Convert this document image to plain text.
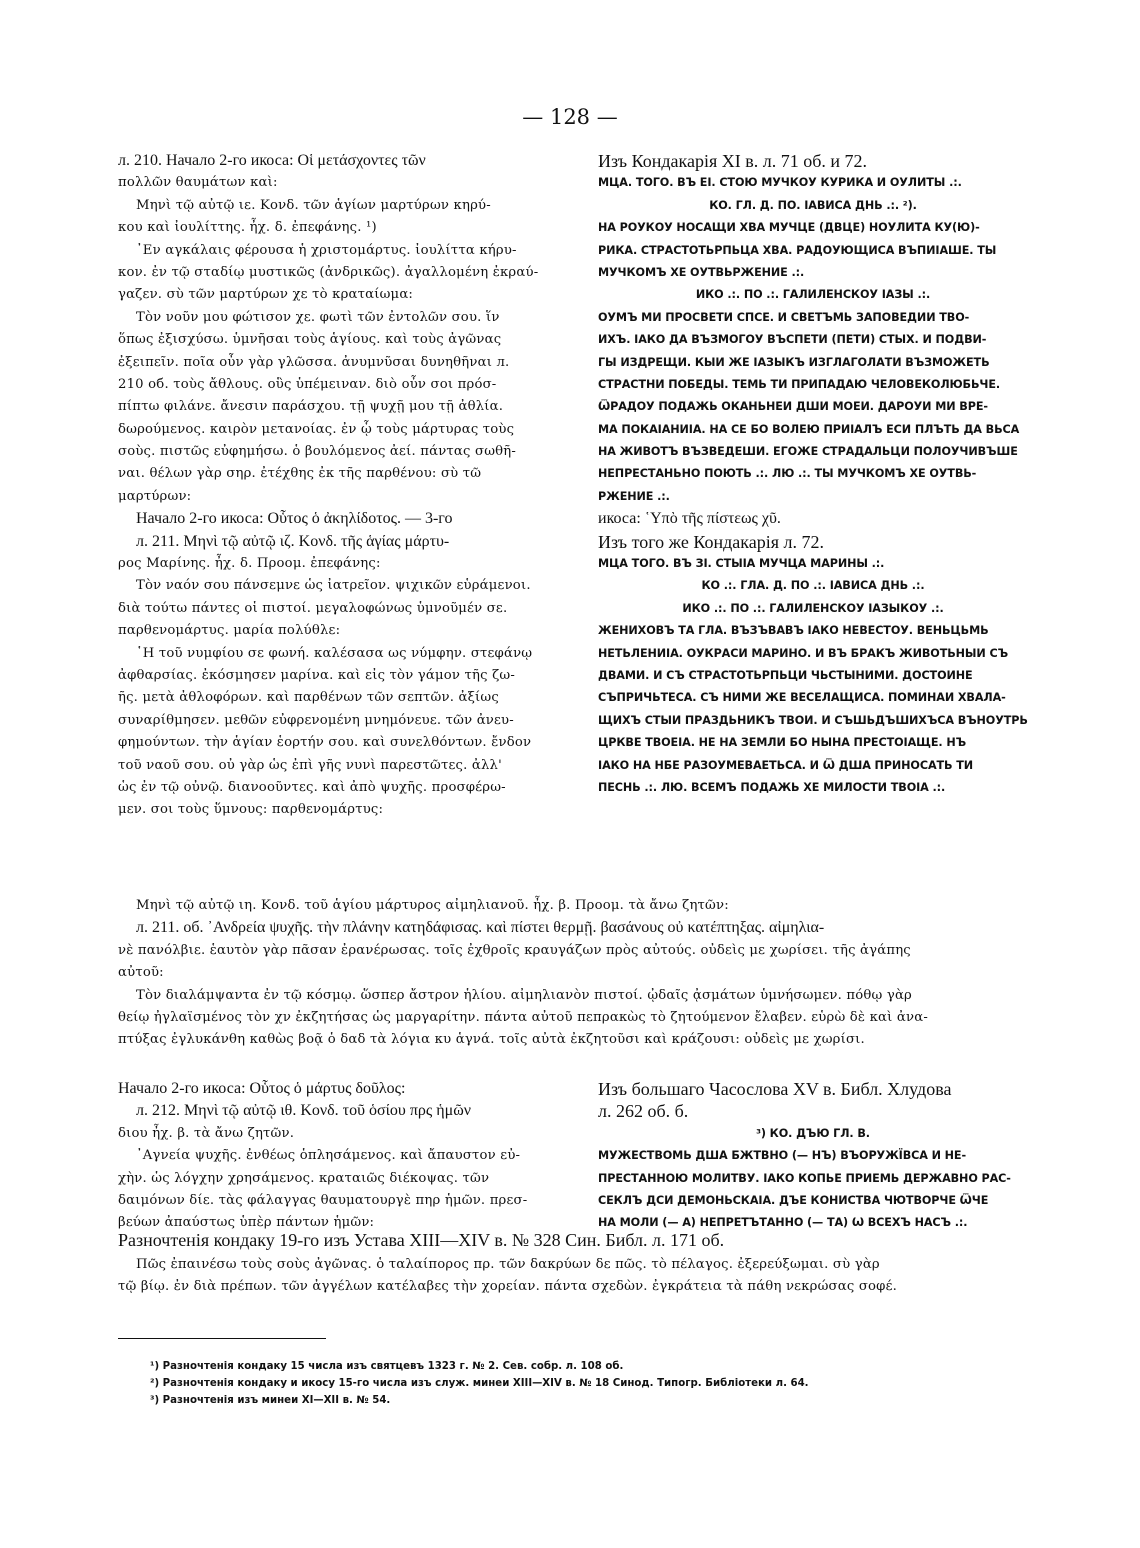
— 128 —
л. 210. Начало 2-го икоса: Οἱ μετάσχοντες τῶν
πολλῶν θαυμάτων καὶ:
Μηνὶ τῷ αὐτῷ ιε. Κονδ. τῶν ἁγίων μαρτύρων κηρύ-
κου καὶ ἰουλίττης. ἦχ. δ. ἐπεφάνης. ¹)
᾿Εν αγκάλαις φέρουσα ἡ χριστομάρτυς. ἰουλίττα κήρυ-
κον. ἐν τῷ σταδίῳ μυστικῶς (ἀνδρικῶς). ἀγαλλομένη ἐκραύ-
γαζεν. σὺ τῶν μαρτύρων χε τὸ κραταίωμα:
Τὸν νοῦν μου φώτισον χε. φωτὶ τῶν ἐντολῶν σου. ἵν
ὅπως ἐξισχύσω. ὑμνῆσαι τοὺς ἁγίους. καὶ τοὺς ἀγῶνας
ἐξειπεῖν. ποῖα οὖν γὰρ γλῶσσα. ἀνυμνῦσαι δυνηθῆναι л.
210 об. τοὺς ἄθλους. οὓς ὑπέμειναν. διὸ οὖν σοι πρόσ-
πίπτω φιλάνε. ἄνεσιν παράσχου. τῇ ψυχῇ μου τῇ ἀθλία.
δωρούμενος. καιρὸν μετανοίας. ἐν ᾧ τοὺς μάρτυρας τοὺς
σοὺς. πιστῶς εὐφημήσω. ὁ βουλόμενος ἀεί. πάντας σωθῆ-
ναι. θέλων γὰρ σηρ. ἐτέχθης ἐκ τῆς παρθένου: σὺ τῶ
μαρτύρων:
Начало 2-го икоса: Οὗτος ὁ ἀκηλίδοτος. — 3-го
л. 211. Μηνὶ τῷ αὐτῷ ιζ. Κονδ. τῆς ἁγίας μάρτυ-
ρος Μαρίνης. ἦχ. δ. Προομ. ἐπεφάνης:
Τὸν ναόν σου πάνσεμνε ὡς ἰατρεῖον. ψιχικῶν εὑράμενοι.
διὰ τούτω πάντες οἱ πιστοί. μεγαλοφώνως ὑμνοῦμέν σε.
παρθενομάρτυς. μαρία πολύθλε:
῾Η τοῦ νυμφίου σε φωνή. καλέσασα ως νύμφην. στεφάνῳ
ἀφθαρσίας. ἐκόσμησεν μαρίνα. καὶ εἰς τὸν γάμον τῆς ζω-
ῆς. μετὰ ἀθλοφόρων. καὶ παρθένων τῶν σεπτῶν. ἀξίως
συναρίθμησεν. μεθῶν εὐφρενομένη μνημόνευε. τῶν ἀνευ-
φημούντων. τὴν ἁγίαν ἑορτήν σου. καὶ συνελθόντων. ἔνδον
τοῦ ναοῦ σου. οὐ γὰρ ὡς ἐπὶ γῆς νυνὶ παρεστῶτες. ἀλλ'
ὡς ἐν τῷ οὐνῷ. διανοοῦντες. καὶ ἀπὸ ψυχῆς. προσφέρω-
μεν. σοι τοὺς ὕμνους: παρθενομάρτυς:
Изъ Кондакарія XI в. л. 71 об. и 72.
МЦА. ТОГО. ВЪ ЕІ. СТОЮ МУЧКОУ КУРИКА И ОУЛИТЫ .:.
КО. ГЛ. Д. ПО. ІАВИСА ДНЬ .:. ²).
НА РОУКОУ НОСАЩИ ХВА МУЧЦЕ (ДВЦЕ) НОУЛИТА КУ(Ю)-
РИКА. СТРАСТОТЬРПЬЦА ХВА. РАДОУЮЩИСА ВЪПИІАШЕ. ТЫ
МУЧКОМЪ ХЕ ОУТВЬРЖЕНИЕ .:.
ИКО .:. ПО .:. ГАЛИЛЕНСКОУ ІАЗЫ .:.
ОУМЪ МИ ПРОСВЕТИ СПСЕ. И СВЕТЪМЬ ЗАПОВЕДИИ ТВО-
ИХЪ. ІАКО ДА ВЪЗМОГОУ ВЪСПЕТИ (ПЕТИ) СТЫХ. И ПОДВИ-
ГЫ ИЗДРЕЩИ. КЫИ ЖЕ ІАЗЫКЪ ИЗГЛАГОЛАТИ ВЪЗМОЖЕТЬ
СТРАСТНИ ПОБЕДЫ. ТЕМЬ ТИ ПРИПАДАЮ ЧЕЛОВЕКОЛЮБЬЧЕ.
ѾРАДОУ ПОДАЖЬ ОКАНЬНЕИ ДШИ МОЕИ. ДАРОУИ МИ ВРЕ-
МА ПОКАІАНИІА. НА СЕ БО ВОЛЕЮ ПРИІАЛЪ ЕСИ ПЛЪТЬ ДА ВЬСА
НА ЖИВОТЪ ВЪЗВЕДЕШИ. ЕГОЖЕ СТРАДАЛЬЦИ ПОЛОУЧИВЪШЕ
НЕПРЕСТАНЬНО ПОЮТЬ .:. ЛЮ .:. ТЫ МУЧКОМЪ ХЕ ОУТВЬ-
РЖЕНИЕ .:.
икоса: ῾Υπὸ τῆς πίστεως χῦ.
Изъ того же Кондакарія л. 72.
МЦА ТОГО. ВЪ ЗІ. СТЫІА МУЧЦА МАРИНЫ .:.
КО .:. ГЛА. Д. ПО .:. ІАВИСА ДНЬ .:.
ИКО .:. ПО .:. ГАЛИЛЕНСКОУ ІАЗЫКОУ .:.
ЖЕНИХОВЪ ТА ГЛА. ВЪЗЪВАВЪ ІАКО НЕВЕСТОУ. ВЕНЬЦЬМЬ
НЕТЬЛЕНИІА. ОУКРАСИ МАРИНО. И ВЪ БРАКЪ ЖИВОТЬНЫИ СЪ
ДВАМИ. И СЪ СТРАСТОТЬРПЬЦИ ЧЬСТЫНИМИ. ДОСТОИНЕ
СЪПРИЧЬТЕСА. СЪ НИМИ ЖЕ ВЕСЕЛАЩИСА. ПОМИНАИ ХВАЛА-
ЩИХЪ СТЫИ ПРАЗДЬНИКЪ ТВОИ. И СЪШЬДЪШИХЪСА ВЪНОУТРЬ
ЦРКВЕ ТВОЕІА. НЕ НА ЗЕМЛИ БО НЫНА ПРЕСТОІАЩЕ. НЪ
ІАКО НА НБЕ РАЗОУМЕВАЕТЬСА. И Ѿ ДША ПРИНОСАТЬ ТИ
ПЕСНЬ .:. ЛЮ. ВСЕМЪ ПОДАЖЬ ХЕ МИЛОСТИ ТВОІА .:.
Μηνὶ τῷ αὐτῷ ιη. Κονδ. τοῦ ἁγίου μάρτυρος αἰμηλιανοῦ. ἦχ. β. Προομ. τὰ ἄνω ζητῶν:
л. 211. об. ᾿Ανδρεία ψυχῆς. τὴν πλάνην κατηδάφισας. καὶ πίστει θερμῇ. βασάνους οὐ κατέπτηξας. αἰμηλια-
νὲ πανόλβιε. ἑαυτὸν γὰρ πᾶσαν ἐρανέρωσας. τοῖς ἐχθροῖς κραυγάζων πρὸς αὐτούς. οὐδεὶς με χωρίσει. τῆς ἀγάπης
αὐτοῦ:
Τὸν διαλάμψαντα ἐν τῷ κόσμῳ. ὥσπερ ἄστρον ἡλίου. αἰμηλιανὸν πιστοί. ᾠδαῖς ᾀσμάτων ὑμνήσωμεν. πόθῳ γὰρ
θείῳ ἠγλαϊσμένος τὸν χν ἐκζητήσας ὡς μαργαρίτην. πάντα αὐτοῦ πεπρακὼς τὸ ζητούμενον ἔλαβεν. εὑρὼ δὲ καὶ ἀνα-
πτύξας ἐγλυκάνθη καθὼς βοᾷ ὁ δαδ τὰ λόγια κυ ἁγνά. τοῖς αὐτὰ ἐκζητοῦσι καὶ κράζουσι: οὐδεὶς με χωρίσι.
Начало 2-го икоса: Οὗτος ὁ μάρτυς δοῦλος:
л. 212. Μηνὶ τῷ αὐτῷ ιθ. Κονδ. τοῦ ὁσίου πρς ἡμῶν
διου ἦχ. β. τὰ ἄνω ζητῶν.
᾿Αγνεία ψυχῆς. ἐνθέως ὁπλησάμενος. καὶ ἄπαυστον εὐ-
χὴν. ὡς λόγχην χρησάμενος. κραταιῶς διέκοψας. τῶν
δαιμόνων δίε. τὰς φάλαγγας θαυματουργὲ πηρ ἡμῶν. πρεσ-
βεύων ἀπαύστως ὑπὲρ πάντων ἡμῶν:
Изъ большаго Часослова XV в. Библ. Хлудова
л. 262 об. б.
³) КО. ДЪЮ ГЛ. В.
МУЖЕСТВОМЬ ДША БЖТВНО (— НЪ) ВЪОРУЖЇВСА И НЕ-
ПРЕСТАННОЮ МОЛИТВУ. ІАКО КОПЬЕ ПРИЕМЬ ДЕРЖАВНО РАС-
СЕКЛЪ ДСИ ДЕМОНЬСКАІА. ДЪЕ КОНИСТВА ЧЮТВОРЧЕ ѾЧЕ
НА МОЛИ (— А) НЕПРЕТЪТАННО (— ТА) Ѡ ВСЕХЪ НАСЪ .:.
Разночтенія кондаку 19-го изъ Устава XIII—XIV в. № 328 Син. Библ. л. 171 об.
Πῶς ἐπαινέσω τοὺς σοὺς ἀγῶνας. ὁ ταλαίπορος πρ. τῶν δακρύων δε πῶς. τὸ πέλαγος. ἐξερεύξωμαι. σὺ γὰρ
τῷ βίῳ. ἐν διὰ πρέπων. τῶν ἀγγέλων κατέλαβες τὴν χορείαν. πάντα σχεδὼν. ἐγκράτεια τὰ πάθη νεκρώσας σοφέ.
¹) Разночтенія кондаку 15 числа изъ святцевъ 1323 г. № 2. Сев. собр. л. 108 об.
²) Разночтенія кондаку и икосу 15-го числа изъ служ. минеи XIII—XIV в. № 18 Синод. Типогр. Библіотеки л. 64.
³) Разночтенія изъ минеи XI—XII в. № 54.
